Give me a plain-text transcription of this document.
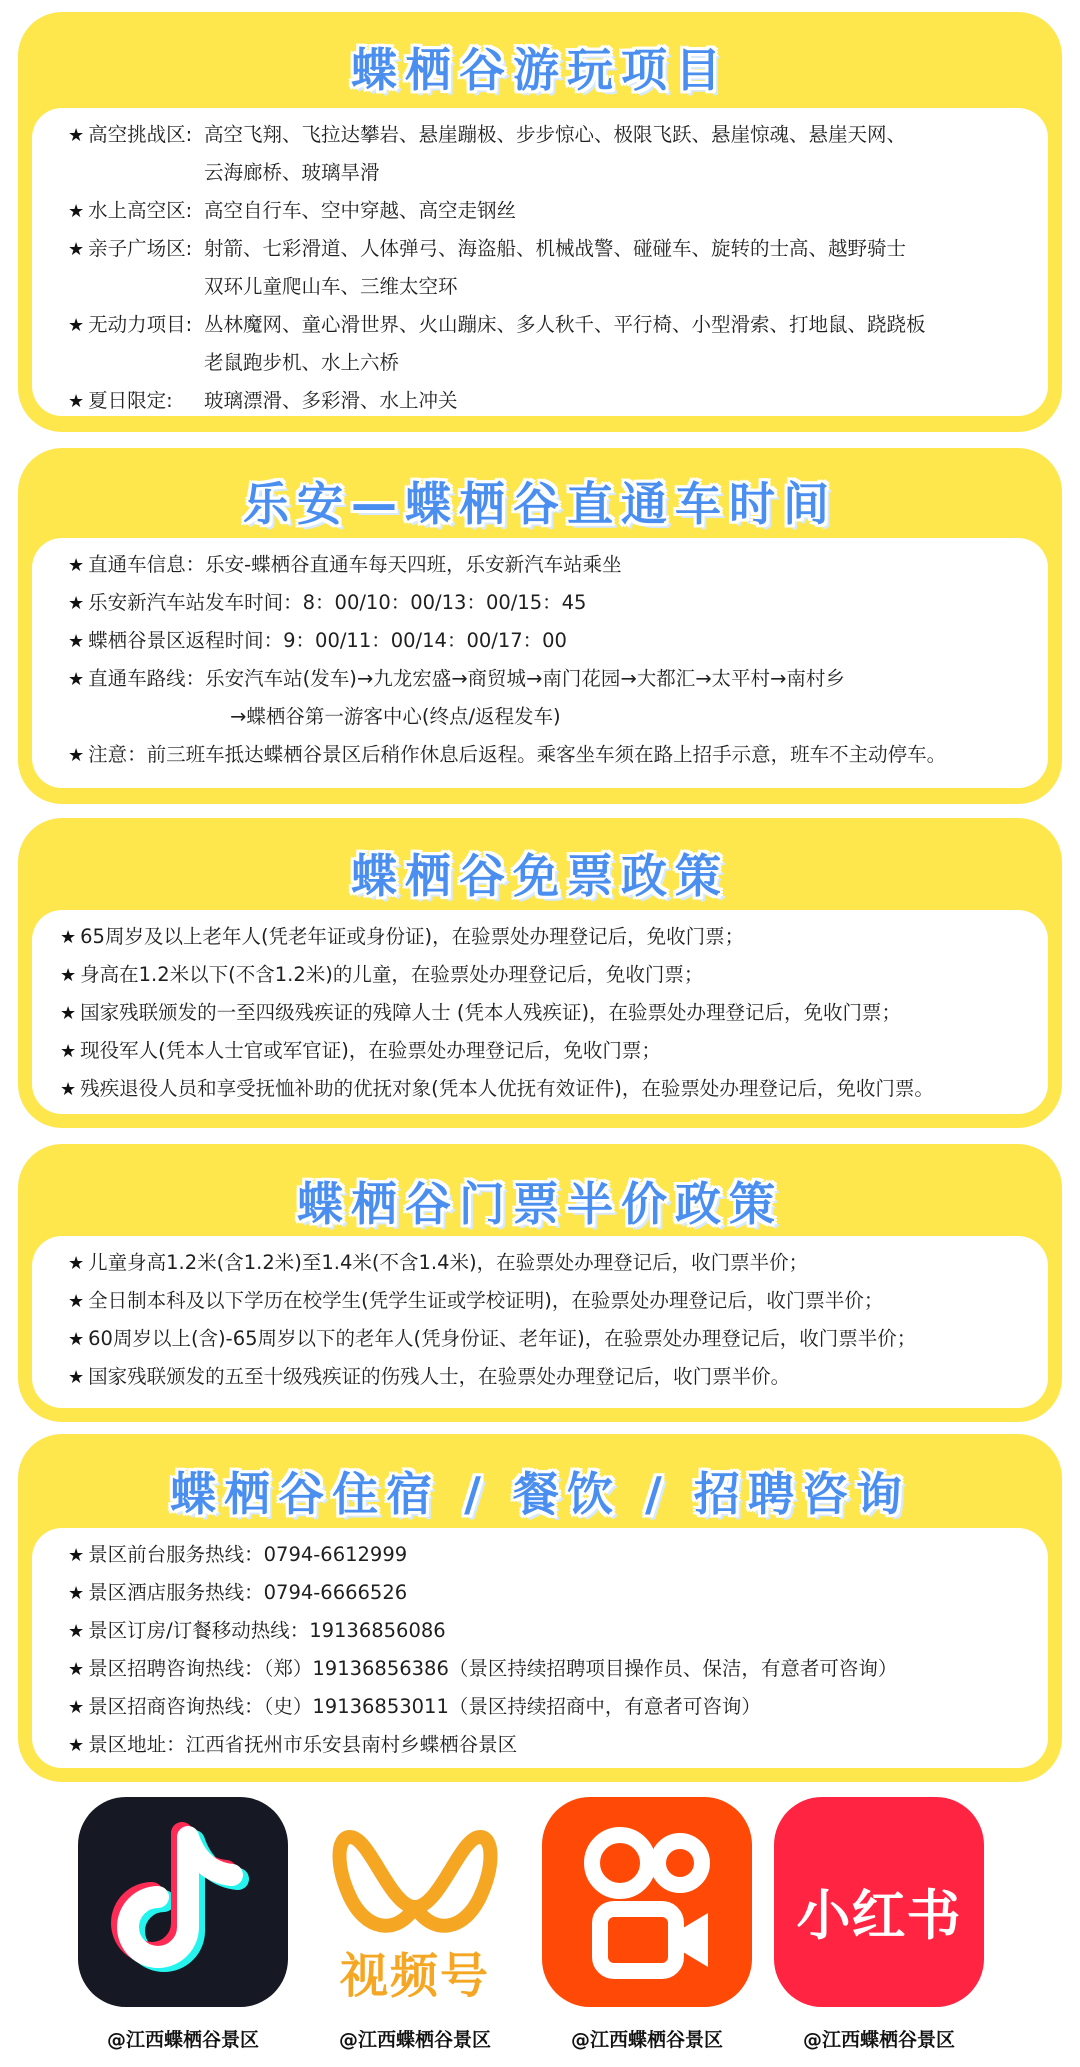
蝶栖谷游玩项目
★ 高空挑战区: 高空飞翔、飞拉达攀岩、悬崖蹦极、步步惊心、极限飞跃、悬崖惊魂、悬崖天网、
云海廊桥、玻璃旱滑
★ 水上高空区: 高空自行车、空中穿越、高空走钢丝
★ 亲子广场区: 射箭、七彩滑道、人体弹弓、海盗船、机械战警、碰碰车、旋转的士高、越野骑士
双环儿童爬山车、三维太空环
★ 无动力项目: 丛林魔网、童心滑世界、火山蹦床、多人秋千、平行椅、小型滑索、打地鼠、跷跷板
老鼠跑步机、水上六桥
★ 夏日限定:	玻璃漂滑、多彩滑、水上冲关
乐安—蝶栖谷直通车时间
★ 直通车信息：乐安-蝶栖谷直通车每天四班，乐安新汽车站乘坐
★ 乐安新汽车站发车时间：8：00/10：00/13：00/15：45
★ 蝶栖谷景区返程时间：9：00/11：00/14：00/17：00
★ 直通车路线：乐安汽车站(发车)→九龙宏盛→商贸城→南门花园→大都汇→太平村→南村乡
→蝶栖谷第一游客中心(终点/返程发车)
★ 注意：前三班车抵达蝶栖谷景区后稍作休息后返程。乘客坐车须在路上招手示意，班车不主动停车。
蝶栖谷免票政策
★ 65周岁及以上老年人(凭老年证或身份证)，在验票处办理登记后，免收门票；
★ 身高在1.2米以下(不含1.2米)的儿童，在验票处办理登记后，免收门票；
★ 国家残联颁发的一至四级残疾证的残障人士 (凭本人残疾证)，在验票处办理登记后，免收门票；
★ 现役军人(凭本人士官或军官证)，在验票处办理登记后，免收门票；
★ 残疾退役人员和享受抚恤补助的优抚对象(凭本人优抚有效证件)，在验票处办理登记后，免收门票。
蝶栖谷门票半价政策
★ 儿童身高1.2米(含1.2米)至1.4米(不含1.4米)，在验票处办理登记后，收门票半价；
★ 全日制本科及以下学历在校学生(凭学生证或学校证明)，在验票处办理登记后，收门票半价；
★ 60周岁以上(含)-65周岁以下的老年人(凭身份证、老年证)，在验票处办理登记后，收门票半价；
★ 国家残联颁发的五至十级残疾证的伤残人士，在验票处办理登记后，收门票半价。
蝶栖谷住宿 / 餐饮 / 招聘咨询
★ 景区前台服务热线：0794-6612999
★ 景区酒店服务热线：0794-6666526
★ 景区订房/订餐移动热线：19136856086
★ 景区招聘咨询热线：（郑）19136856386（景区持续招聘项目操作员、保洁，有意者可咨询）
★ 景区招商咨询热线：（史）19136853011（景区持续招商中，有意者可咨询）
★ 景区地址：江西省抚州市乐安县南村乡蝶栖谷景区
视频号
小红书
@江西蝶栖谷景区	@江西蝶栖谷景区	@江西蝶栖谷景区	@江西蝶栖谷景区
